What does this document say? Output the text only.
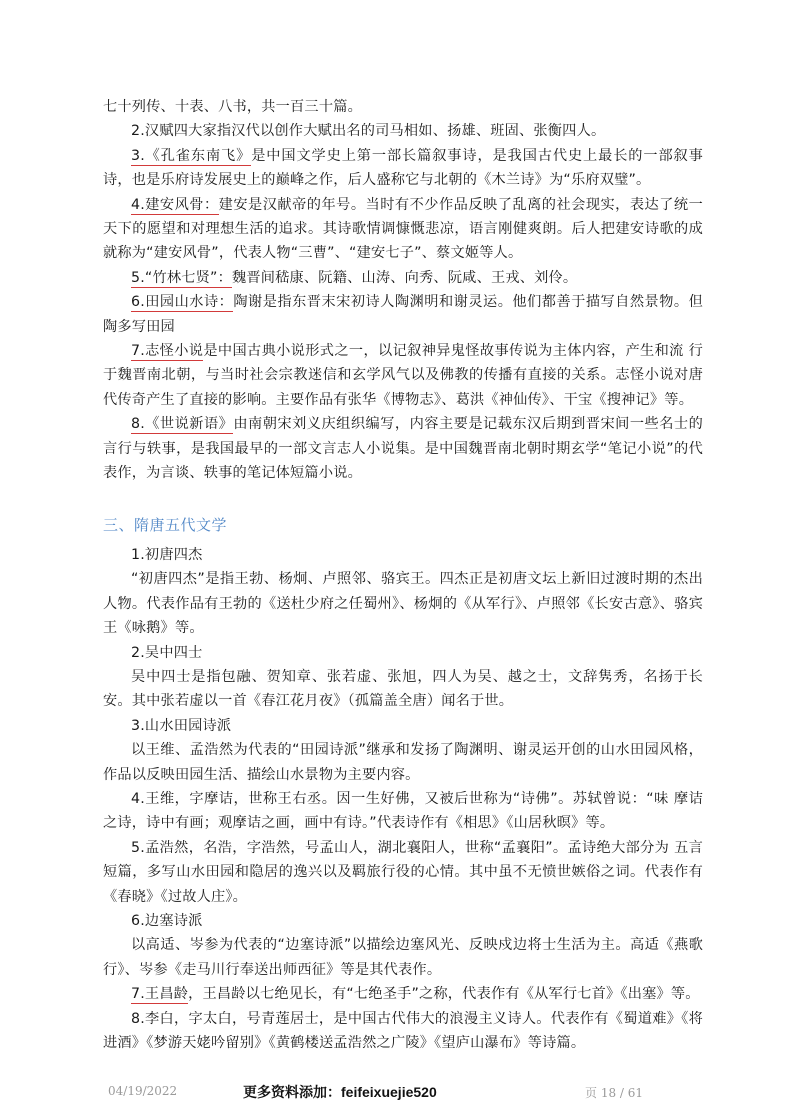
七十列传、十表、八书，共一百三十篇。

2.汉赋四大家指汉代以创作大赋出名的司马相如、扬雄、班固、张衡四人。

3.《孔雀东南飞》是中国文学史上第一部长篇叙事诗，是我国古代史上最长的一部叙事诗，也是乐府诗发展史上的巅峰之作，后人盛称它与北朝的《木兰诗》为“乐府双璧”。

4.建安风骨：建安是汉献帝的年号。当时有不少作品反映了乱离的社会现实，表达了统一天下的愿望和对理想生活的追求。其诗歌情调慷慨悲凉，语言刚健爽朗。后人把建安诗歌的成就称为“建安风骨”，代表人物“三曹”、“建安七子”、蔡文姬等人。

5.“竹林七贤”：魏晋间嵇康、阮籍、山涛、向秀、阮咸、王戎、刘伶。

6.田园山水诗：陶谢是指东晋末宋初诗人陶渊明和谢灵运。他们都善于描写自然景物。但陶多写田园

7.志怪小说是中国古典小说形式之一，以记叙神异鬼怪故事传说为主体内容，产生和流 行于魏晋南北朝，与当时社会宗教迷信和玄学风气以及佛教的传播有直接的关系。志怪小说对唐代传奇产生了直接的影响。主要作品有张华《博物志》、葛洪《神仙传》、干宝《搜神记》等。

8.《世说新语》由南朝宋刘义庆组织编写，内容主要是记载东汉后期到晋宋间一些名士的言行与轶事，是我国最早的一部文言志人小说集。是中国魏晋南北朝时期玄学“笔记小说”的代表作，为言谈、轶事的笔记体短篇小说。

三、隋唐五代文学

1.初唐四杰

“初唐四杰”是指王勃、杨炯、卢照邻、骆宾王。四杰正是初唐文坛上新旧过渡时期的杰出人物。代表作品有王勃的《送杜少府之任蜀州》、杨炯的《从军行》、卢照邻《长安古意》、骆宾王《咏鹅》等。

2.吴中四士

吴中四士是指包融、贺知章、张若虚、张旭，四人为吴、越之士，文辞隽秀，名扬于长安。其中张若虚以一首《春江花月夜》（孤篇盖全唐）闻名于世。

3.山水田园诗派

以王维、孟浩然为代表的“田园诗派”继承和发扬了陶渊明、谢灵运开创的山水田园风格，作品以反映田园生活、描绘山水景物为主要内容。

4.王维，字摩诘，世称王右丞。因一生好佛，又被后世称为“诗佛”。苏轼曾说：“味 摩诘之诗，诗中有画；观摩诘之画，画中有诗。”代表诗作有《相思》《山居秋暝》等。

5.孟浩然，名浩，字浩然，号孟山人，湖北襄阳人，世称“孟襄阳”。孟诗绝大部分为 五言短篇，多写山水田园和隐居的逸兴以及羁旅行役的心情。其中虽不无愤世嫉俗之词。代表作有《春晓》《过故人庄》。

6.边塞诗派

以高适、岑参为代表的“边塞诗派”以描绘边塞风光、反映戍边将士生活为主。高适《燕歌行》、岑参《走马川行奉送出师西征》等是其代表作。

7.王昌龄，王昌龄以七绝见长，有“七绝圣手”之称，代表作有《从军行七首》《出塞》等。

8.李白，字太白，号青莲居士，是中国古代伟大的浪漫主义诗人。代表作有《蜀道难》《将进酒》《梦游天姥吟留别》《黄鹤楼送孟浩然之广陵》《望庐山瀑布》等诗篇。

04/19/2022	更多资料添加：feifeixuejie520	页 18 / 61
